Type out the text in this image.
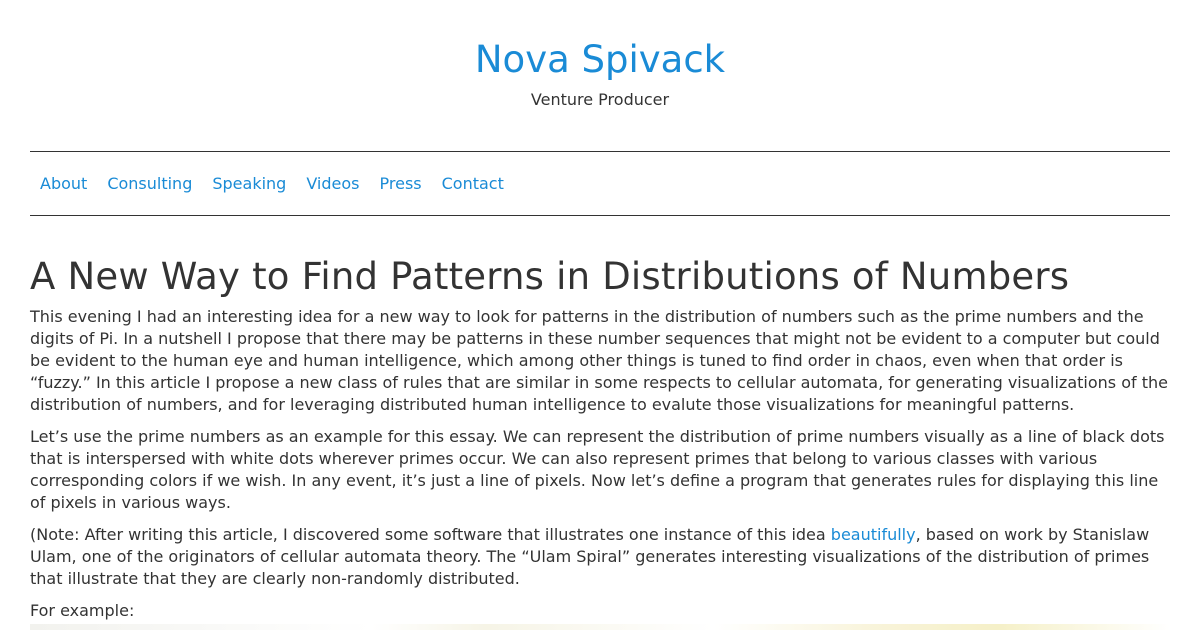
Nova Spivack
Venture Producer
About Consulting Speaking Videos Press Contact
A New Way to Find Patterns in Distributions of Numbers

This evening I had an interesting idea for a new way to look for patterns in the distribution of numbers such as the prime numbers and the digits of Pi. In a nutshell I propose that there may be patterns in these number sequences that might not be evident to a computer but could be evident to the human eye and human intelligence, which among other things is tuned to find order in chaos, even when that order is “fuzzy.” In this article I propose a new class of rules that are similar in some respects to cellular automata, for generating visualizations of the distribution of numbers, and for leveraging distributed human intelligence to evalute those visualizations for meaningful patterns.

Let’s use the prime numbers as an example for this essay. We can represent the distribution of prime numbers visually as a line of black dots that is interspersed with white dots wherever primes occur. We can also represent primes that belong to various classes with various corresponding colors if we wish. In any event, it’s just a line of pixels. Now let’s define a program that generates rules for displaying this line of pixels in various ways.

(Note: After writing this article, I discovered some software that illustrates one instance of this idea beautifully, based on work by Stanislaw Ulam, one of the originators of cellular automata theory. The “Ulam Spiral” generates interesting visualizations of the distribution of primes that illustrate that they are clearly non-randomly distributed.

For example:
